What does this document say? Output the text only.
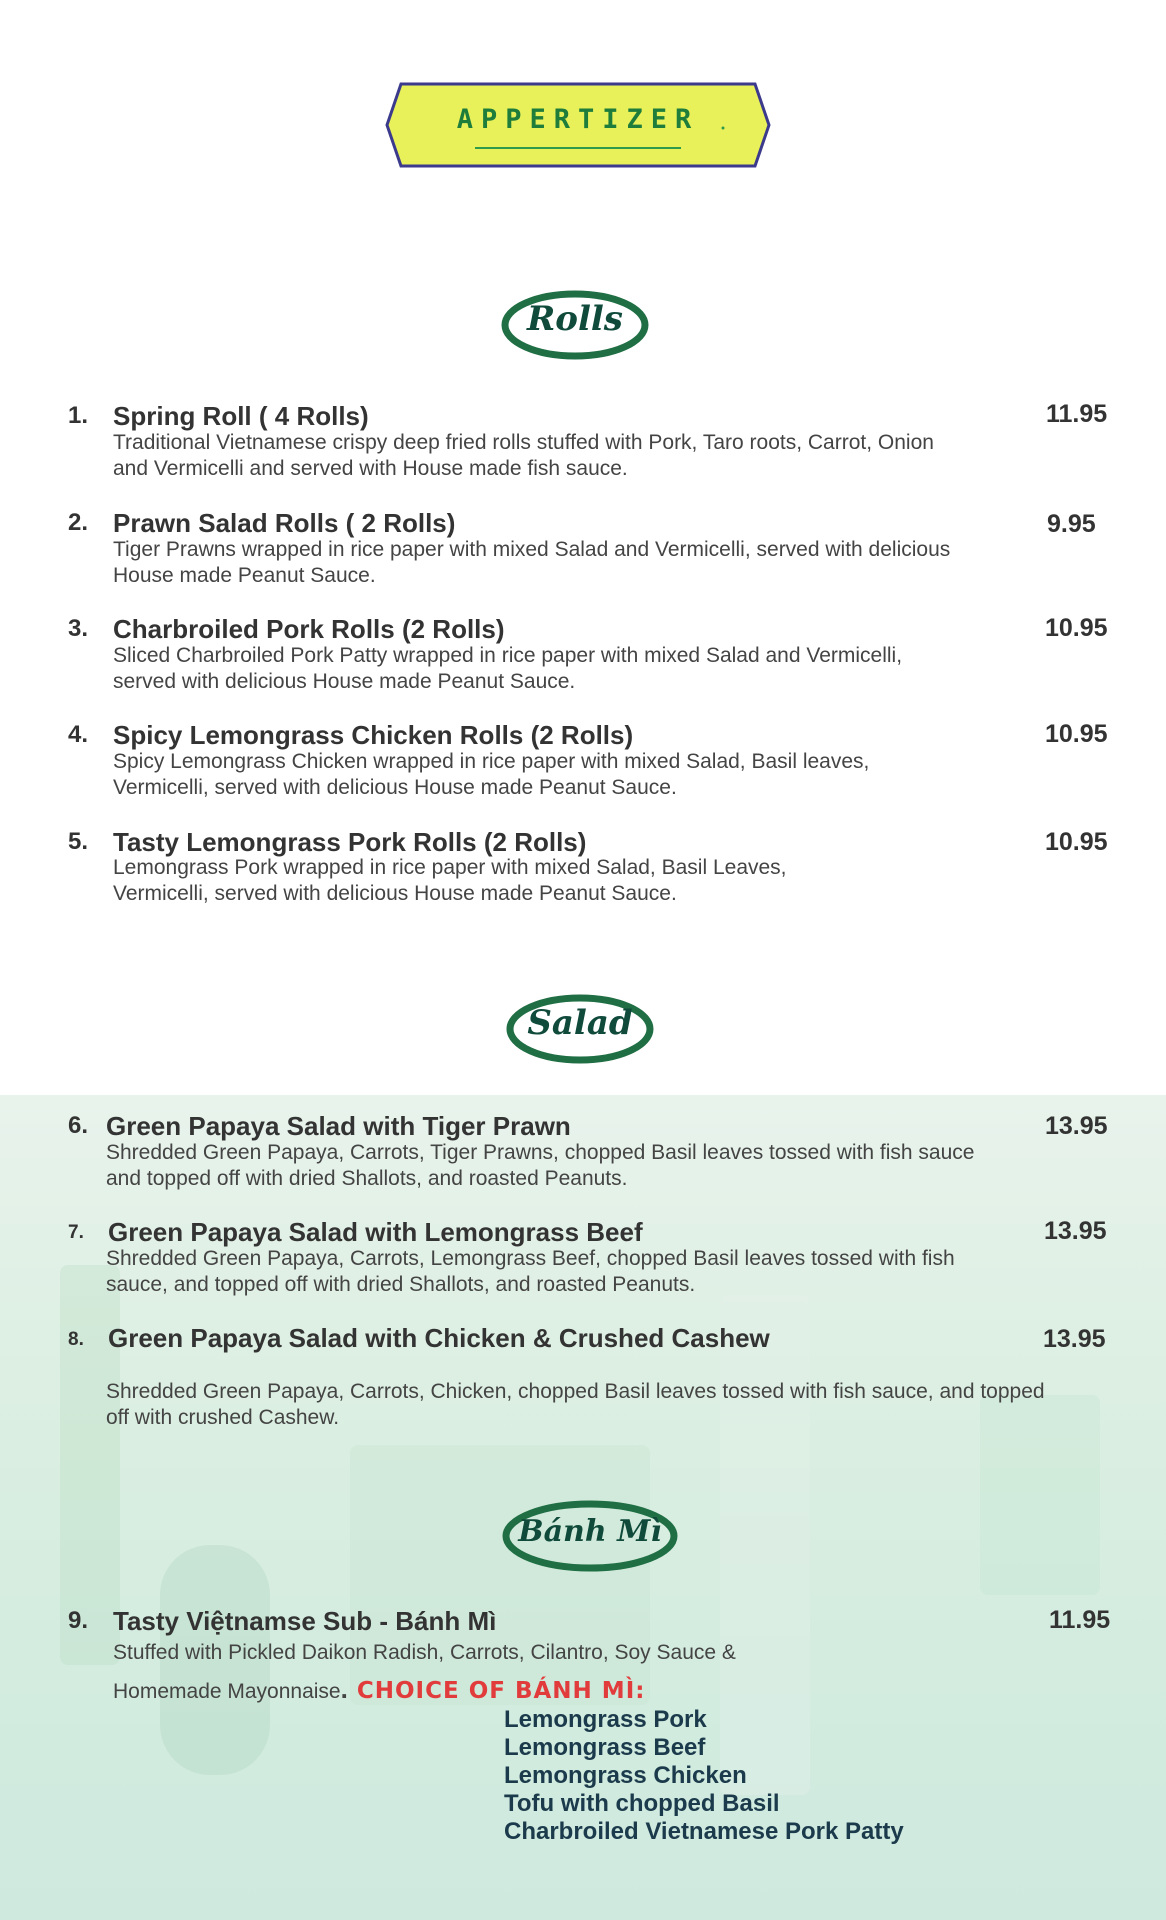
APPERTIZER
Rolls
1. Spring Roll ( 4 Rolls)	11.95
Traditional Vietnamese crispy deep fried rolls stuffed with Pork, Taro roots, Carrot, Onion and Vermicelli and served with House made fish sauce.
2. Prawn Salad Rolls ( 2 Rolls)	9.95
Tiger Prawns wrapped in rice paper with mixed Salad and Vermicelli, served with delicious House made Peanut Sauce.
3. Charbroiled Pork Rolls (2 Rolls)	10.95
Sliced Charbroiled Pork Patty wrapped in rice paper with mixed Salad and Vermicelli, served with delicious House made Peanut Sauce.
4. Spicy Lemongrass Chicken Rolls (2 Rolls)	10.95
Spicy Lemongrass Chicken wrapped in rice paper with mixed Salad, Basil leaves, Vermicelli, served with delicious House made Peanut Sauce.
5. Tasty Lemongrass Pork Rolls (2 Rolls)	10.95
Lemongrass Pork wrapped in rice paper with mixed Salad, Basil Leaves, Vermicelli, served with delicious House made Peanut Sauce.
Salad
6. Green Papaya Salad with Tiger Prawn	13.95
Shredded Green Papaya, Carrots, Tiger Prawns, chopped Basil leaves tossed with fish sauce and topped off with dried Shallots, and roasted Peanuts.
7. Green Papaya Salad with Lemongrass Beef	13.95
Shredded Green Papaya, Carrots, Lemongrass Beef, chopped Basil leaves tossed with fish sauce, and topped off with dried Shallots, and roasted Peanuts.
8. Green Papaya Salad with Chicken & Crushed Cashew	13.95
Shredded Green Papaya, Carrots, Chicken, chopped Basil leaves tossed with fish sauce, and topped off with crushed Cashew.
Bánh Mì
9. Tasty Việtnamse Sub - Bánh Mì	11.95
Stuffed with Pickled Daikon Radish, Carrots, Cilantro, Soy Sauce &
Homemade Mayonnaise. CHOICE OF BÁNH MÌ:
Lemongrass Pork
Lemongrass Beef
Lemongrass Chicken
Tofu with chopped Basil
Charbroiled Vietnamese Pork Patty
